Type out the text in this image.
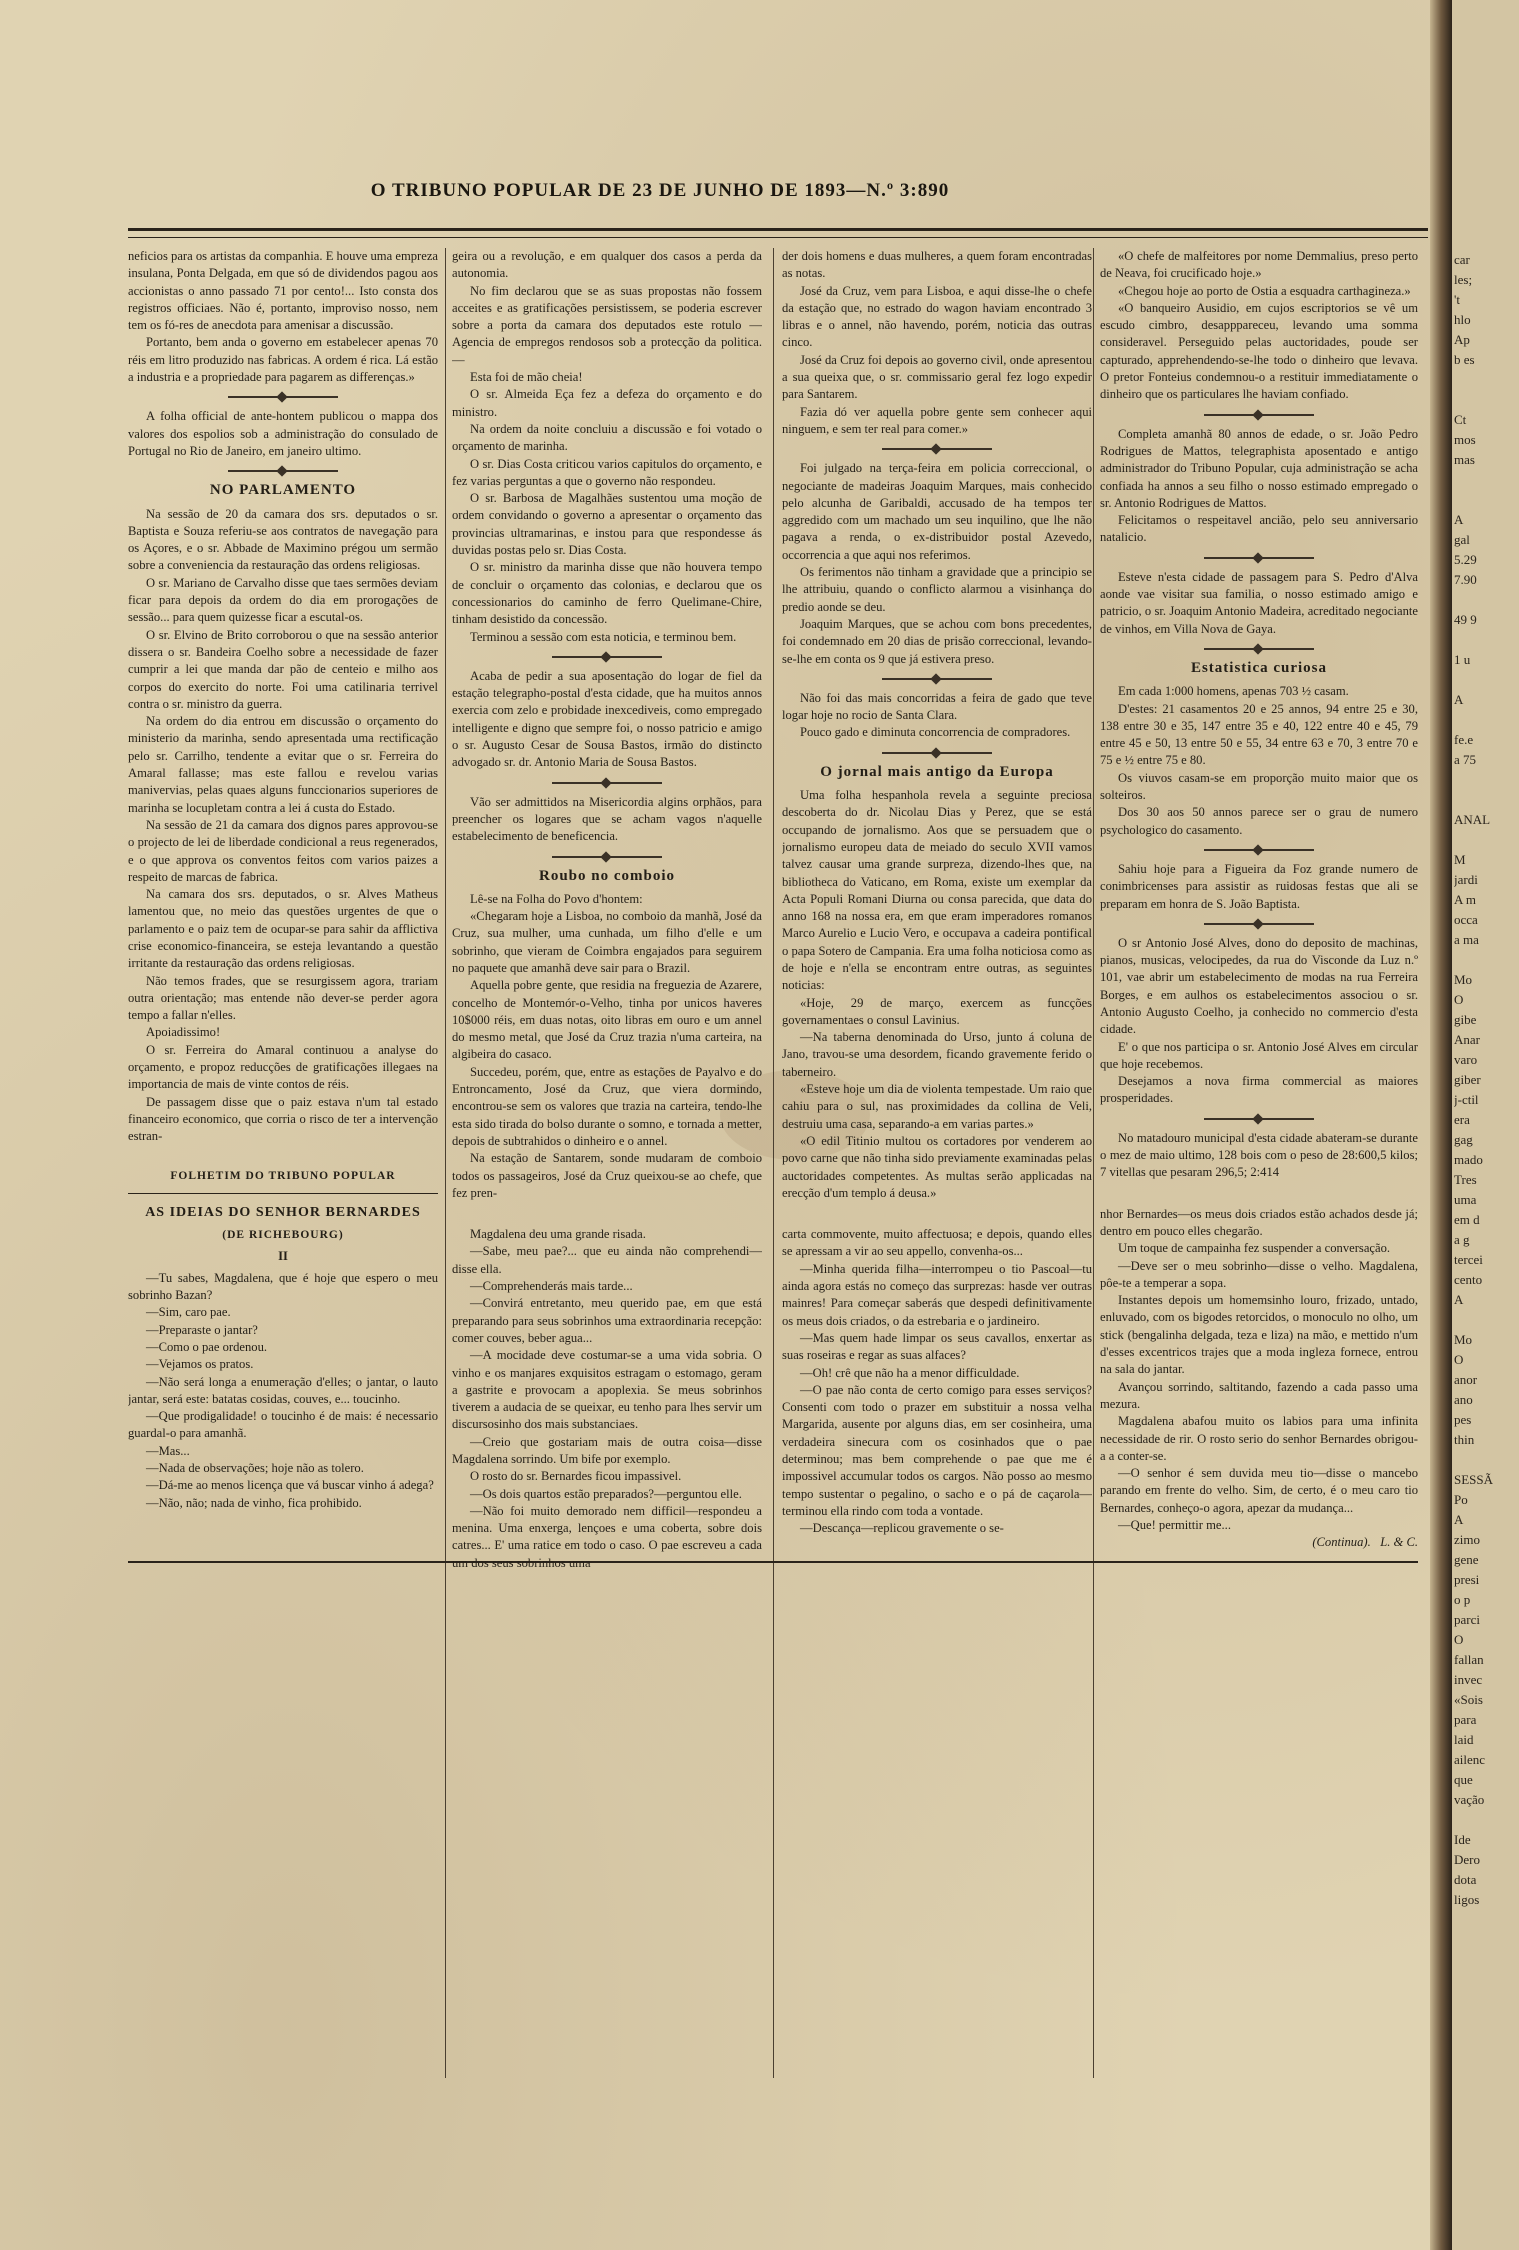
O TRIBUNO POPULAR DE 23 DE JUNHO DE 1893—N.º 3:890

neficios para os artistas da companhia. E houve uma empreza insulana, Ponta Delgada, em que só de dividendos pagou aos accionistas o anno passado 71 por cento!... Isto consta dos registros officiaes. Não é, portanto, improviso nosso, nem tem os fó-res de anecdota para amenisar a discussão.

Portanto, bem anda o governo em estabelecer apenas 70 réis em litro produzido nas fabricas. A ordem é rica. Lá estão a industria e a propriedade para pagarem as differenças.»

A folha official de ante-hontem publicou o mappa dos valores dos espolios sob a administração do consulado de Portugal no Rio de Janeiro, em janeiro ultimo.

NO PARLAMENTO

Na sessão de 20 da camara dos srs. deputados o sr. Baptista e Souza referiu-se aos contratos de navegação para os Açores, e o sr. Abbade de Maximino prégou um sermão sobre a conveniencia da restauração das ordens religiosas.

O sr. Mariano de Carvalho disse que taes sermões deviam ficar para depois da ordem do dia em prorogações de sessão... para quem quizesse ficar a escutal-os.

O sr. Elvino de Brito corroborou o que na sessão anterior dissera o sr. Bandeira Coelho sobre a necessidade de fazer cumprir a lei que manda dar pão de centeio e milho aos corpos do exercito do norte. Foi uma catilinaria terrivel contra o sr. ministro da guerra.

Na ordem do dia entrou em discussão o orçamento do ministerio da marinha, sendo apresentada uma rectificação pelo sr. Carrilho, tendente a evitar que o sr. Ferreira do Amaral fallasse; mas este fallou e revelou varias manivervias, pelas quaes alguns funccionarios superiores de marinha se locupletam contra a lei á custa do Estado.

Na sessão de 21 da camara dos dignos pares approvou-se o projecto de lei de liberdade condicional a reus regenerados, e o que approva os conventos feitos com varios paizes a respeito de marcas de fabrica.

Na camara dos srs. deputados, o sr. Alves Matheus lamentou que, no meio das questões urgentes de que o parlamento e o paiz tem de ocupar-se para sahir da afflictiva crise economico-financeira, se esteja levantando a questão irritante da restauração das ordens religiosas.

Não temos frades, que se resurgissem agora, trariam outra orientação; mas entende não dever-se perder agora tempo a fallar n'elles.

Apoiadissimo!

O sr. Ferreira do Amaral continuou a analyse do orçamento, e propoz reducções de gratificações illegaes na importancia de mais de vinte contos de réis.

De passagem disse que o paiz estava n'um tal estado financeiro economico, que corria o risco de ter a intervenção estran-

FOLHETIM DO TRIBUNO POPULAR
AS IDEIAS DO SENHOR BERNARDES
(DE RICHEBOURG)
II

—Tu sabes, Magdalena, que é hoje que espero o meu sobrinho Bazan?

—Sim, caro pae.

—Preparaste o jantar?

—Como o pae ordenou.

—Vejamos os pratos.

—Não será longa a enumeração d'elles; o jantar, o lauto jantar, será este: batatas cosidas, couves, e... toucinho.

—Que prodigalidade! o toucinho é de mais: é necessario guardal-o para amanhã.

—Mas...

—Nada de observações; hoje não as tolero.

—Dá-me ao menos licença que vá buscar vinho á adega?

—Não, não; nada de vinho, fica prohibido.

geira ou a revolução, e em qualquer dos casos a perda da autonomia.

No fim declarou que se as suas propostas não fossem acceites e as gratificações persistissem, se poderia escrever sobre a porta da camara dos deputados este rotulo — Agencia de empregos rendosos sob a protecção da politica.—

Esta foi de mão cheia!

O sr. Almeida Eça fez a defeza do orçamento e do ministro.

Na ordem da noite concluiu a discussão e foi votado o orçamento de marinha.

O sr. Dias Costa criticou varios capitulos do orçamento, e fez varias perguntas a que o governo não respondeu.

O sr. Barbosa de Magalhães sustentou uma moção de ordem convidando o governo a apresentar o orçamento das provincias ultramarinas, e instou para que respondesse ás duvidas postas pelo sr. Dias Costa.

O sr. ministro da marinha disse que não houvera tempo de concluir o orçamento das colonias, e declarou que os concessionarios do caminho de ferro Quelimane-Chire, tinham desistido da concessão.

Terminou a sessão com esta noticia, e terminou bem.

Acaba de pedir a sua aposentação do logar de fiel da estação telegrapho-postal d'esta cidade, que ha muitos annos exercia com zelo e probidade inexcediveis, como empregado intelligente e digno que sempre foi, o nosso patricio e amigo o sr. Augusto Cesar de Sousa Bastos, irmão do distincto advogado sr. dr. Antonio Maria de Sousa Bastos.

Vão ser admittidos na Misericordia algins orphãos, para preencher os logares que se acham vagos n'aquelle estabelecimento de beneficencia.

Roubo no comboio

Lê-se na Folha do Povo d'hontem:

«Chegaram hoje a Lisboa, no comboio da manhã, José da Cruz, sua mulher, uma cunhada, um filho d'elle e um sobrinho, que vieram de Coimbra engajados para seguirem no paquete que amanhã deve sair para o Brazil.

Aquella pobre gente, que residia na freguezia de Azarere, concelho de Montemór-o-Velho, tinha por unicos haveres 10$000 réis, em duas notas, oito libras em ouro e um annel do mesmo metal, que José da Cruz trazia n'uma carteira, na algibeira do casaco.

Succedeu, porém, que, entre as estações de Payalvo e do Entroncamento, José da Cruz, que viera dormindo, encontrou-se sem os valores que trazia na carteira, tendo-lhe esta sido tirada do bolso durante o somno, e tornada a metter, depois de subtrahidos o dinheiro e o annel.

Na estação de Santarem, sonde mudaram de comboio todos os passageiros, José da Cruz queixou-se ao chefe, que fez pren-

Magdalena deu uma grande risada.

—Sabe, meu pae?... que eu ainda não comprehendi—disse ella.

—Comprehenderás mais tarde...

—Convirá entretanto, meu querido pae, em que está preparando para seus sobrinhos uma extraordinaria recepção: comer couves, beber agua...

—A mocidade deve costumar-se a uma vida sobria. O vinho e os manjares exquisitos estragam o estomago, geram a gastrite e provocam a apoplexia. Se meus sobrinhos tiverem a audacia de se queixar, eu tenho para lhes servir um discursosinho dos mais substanciaes.

—Creio que gostariam mais de outra coisa—disse Magdalena sorrindo. Um bife por exemplo.

O rosto do sr. Bernardes ficou impassivel.

—Os dois quartos estão preparados?—perguntou elle.

—Não foi muito demorado nem difficil—respondeu a menina. Uma enxerga, lençoes e uma coberta, sobre dois catres... E' uma ratice em todo o caso. O pae escreveu a cada um dos seus sobrinhos uma

der dois homens e duas mulheres, a quem foram encontradas as notas.

José da Cruz, vem para Lisboa, e aqui disse-lhe o chefe da estação que, no estrado do wagon haviam encontrado 3 libras e o annel, não havendo, porém, noticia das outras cinco.

José da Cruz foi depois ao governo civil, onde apresentou a sua queixa que, o sr. commissario geral fez logo expedir para Santarem.

Fazia dó ver aquella pobre gente sem conhecer aqui ninguem, e sem ter real para comer.»

Foi julgado na terça-feira em policia correccional, o negociante de madeiras Joaquim Marques, mais conhecido pelo alcunha de Garibaldi, accusado de ha tempos ter aggredido com um machado um seu inquilino, que lhe não pagava a renda, o ex-distribuidor postal Azevedo, occorrencia a que aqui nos referimos.

Os ferimentos não tinham a gravidade que a principio se lhe attribuiu, quando o conflicto alarmou a visinhança do predio aonde se deu.

Joaquim Marques, que se achou com bons precedentes, foi condemnado em 20 dias de prisão correccional, levando-se-lhe em conta os 9 que já estivera preso.

Não foi das mais concorridas a feira de gado que teve logar hoje no rocio de Santa Clara.

Pouco gado e diminuta concorrencia de compradores.

O jornal mais antigo da Europa

Uma folha hespanhola revela a seguinte preciosa descoberta do dr. Nicolau Dias y Perez, que se está occupando de jornalismo. Aos que se persuadem que o jornalismo europeu data de meiado do seculo XVII vamos talvez causar uma grande surpreza, dizendo-lhes que, na bibliotheca do Vaticano, em Roma, existe um exemplar da Acta Populi Romani Diurna ou consa parecida, que data do anno 168 na nossa era, em que eram imperadores romanos Marco Aurelio e Lucio Vero, e occupava a cadeira pontifical o papa Sotero de Campania. Era uma folha noticiosa como as de hoje e n'ella se encontram entre outras, as seguintes noticias:

«Hoje, 29 de março, exercem as funcções governamentaes o consul Lavinius.

—Na taberna denominada do Urso, junto á coluna de Jano, travou-se uma desordem, ficando gravemente ferido o taberneiro.

«Esteve hoje um dia de violenta tempestade. Um raio que cahiu para o sul, nas proximidades da collina de Veli, destruiu uma casa, separando-a em varias partes.»

«O edil Titinio multou os cortadores por venderem ao povo carne que não tinha sido previamente examinadas pelas auctoridades competentes. As multas serão applicadas na erecção d'um templo á deusa.»

carta commovente, muito affectuosa; e depois, quando elles se apressam a vir ao seu appello, convenha-os...

—Minha querida filha—interrompeu o tio Pascoal—tu ainda agora estás no começo das surprezas: hasde ver outras mainres! Para começar saberás que despedi definitivamente os meus dois criados, o da estrebaria e o jardineiro.

—Mas quem hade limpar os seus cavallos, enxertar as suas roseiras e regar as suas alfaces?

—Oh! crê que não ha a menor difficuldade.

—O pae não conta de certo comigo para esses serviços? Consenti com todo o prazer em substituir a nossa velha Margarida, ausente por alguns dias, em ser cosinheira, uma verdadeira sinecura com os cosinhados que o pae determinou; mas bem comprehende o pae que me é impossivel accumular todos os cargos. Não posso ao mesmo tempo sustentar o pegalino, o sacho e o pá de caçarola—terminou ella rindo com toda a vontade.

—Descança—replicou gravemente o se-

«O chefe de malfeitores por nome Demmalius, preso perto de Neava, foi crucificado hoje.»

«Chegou hoje ao porto de Ostia a esquadra carthagineza.»

«O banqueiro Ausidio, em cujos escriptorios se vê um escudo cimbro, desapppareceu, levando uma somma consideravel. Perseguido pelas auctoridades, poude ser capturado, apprehendendo-se-lhe todo o dinheiro que levava. O pretor Fonteius condemnou-o a restituir immediatamente o dinheiro que os particulares lhe haviam confiado.

Completa amanhã 80 annos de edade, o sr. João Pedro Rodrigues de Mattos, telegraphista aposentado e antigo administrador do Tribuno Popular, cuja administração se acha confiada ha annos a seu filho o nosso estimado empregado o sr. Antonio Rodrigues de Mattos.

Felicitamos o respeitavel ancião, pelo seu anniversario natalicio.

Esteve n'esta cidade de passagem para S. Pedro d'Alva aonde vae visitar sua familia, o nosso estimado amigo e patricio, o sr. Joaquim Antonio Madeira, acreditado negociante de vinhos, em Villa Nova de Gaya.

Estatistica curiosa

Em cada 1:000 homens, apenas 703 ½ casam.

D'estes: 21 casamentos 20 e 25 annos, 94 entre 25 e 30, 138 entre 30 e 35, 147 entre 35 e 40, 122 entre 40 e 45, 79 entre 45 e 50, 13 entre 50 e 55, 34 entre 63 e 70, 3 entre 70 e 75 e ½ entre 75 e 80.

Os viuvos casam-se em proporção muito maior que os solteiros.

Dos 30 aos 50 annos parece ser o grau de numero psychologico do casamento.

Sahiu hoje para a Figueira da Foz grande numero de conimbricenses para assistir as ruidosas festas que ali se preparam em honra de S. João Baptista.

O sr Antonio José Alves, dono do deposito de machinas, pianos, musicas, velocipedes, da rua do Visconde da Luz n.º 101, vae abrir um estabelecimento de modas na rua Ferreira Borges, e em aulhos os estabelecimentos associou o sr. Antonio Augusto Coelho, ja conhecido no commercio d'esta cidade.

E' o que nos participa o sr. Antonio José Alves em circular que hoje recebemos.

Desejamos a nova firma commercial as maiores prosperidades.

No matadouro municipal d'esta cidade abateram-se durante o mez de maio ultimo, 128 bois com o peso de 28:600,5 kilos; 7 vitellas que pesaram 296,5; 2:414

nhor Bernardes—os meus dois criados estão achados desde já; dentro em pouco elles chegarão.

Um toque de campainha fez suspender a conversação.

—Deve ser o meu sobrinho—disse o velho. Magdalena, pôe-te a temperar a sopa.

Instantes depois um homemsinho louro, frizado, untado, enluvado, com os bigodes retorcidos, o monoculo no olho, um stick (bengalinha delgada, teza e liza) na mão, e mettido n'um d'esses excentricos trajes que a moda ingleza fornece, entrou na sala do jantar.

Avançou sorrindo, saltitando, fazendo a cada passo uma mezura.

Magdalena abafou muito os labios para uma infinita necessidade de rir. O rosto serio do senhor Bernardes obrigou-a a conter-se.

—O senhor é sem duvida meu tio—disse o mancebo parando em frente do velho. Sim, de certo, é o meu caro tio Bernardes, conheço-o agora, apezar da mudança...

—Que! permittir me...

(Continua). L. & C.

car
les;
't
hlo
Ap
b es

Ct
mos
mas

A
gal
5.29
7.90

49 9

1 u

A

fe.e
a 75

ANAL

M
jardi
A m
occa
a ma

Mo
O
gibe
Anar
varo
giber
j-ctil
era
gag
mado
Tres
uma
em d
a g
tercei
cento
A

Mo
O
anor
ano
pes
thin

SESSÃ
Po
A
zimo
gene
presi
o p
parci
O
fallan
invec
«Sois
para
laid
ailenc
que
vação

Ide
Dero
dota
ligos
